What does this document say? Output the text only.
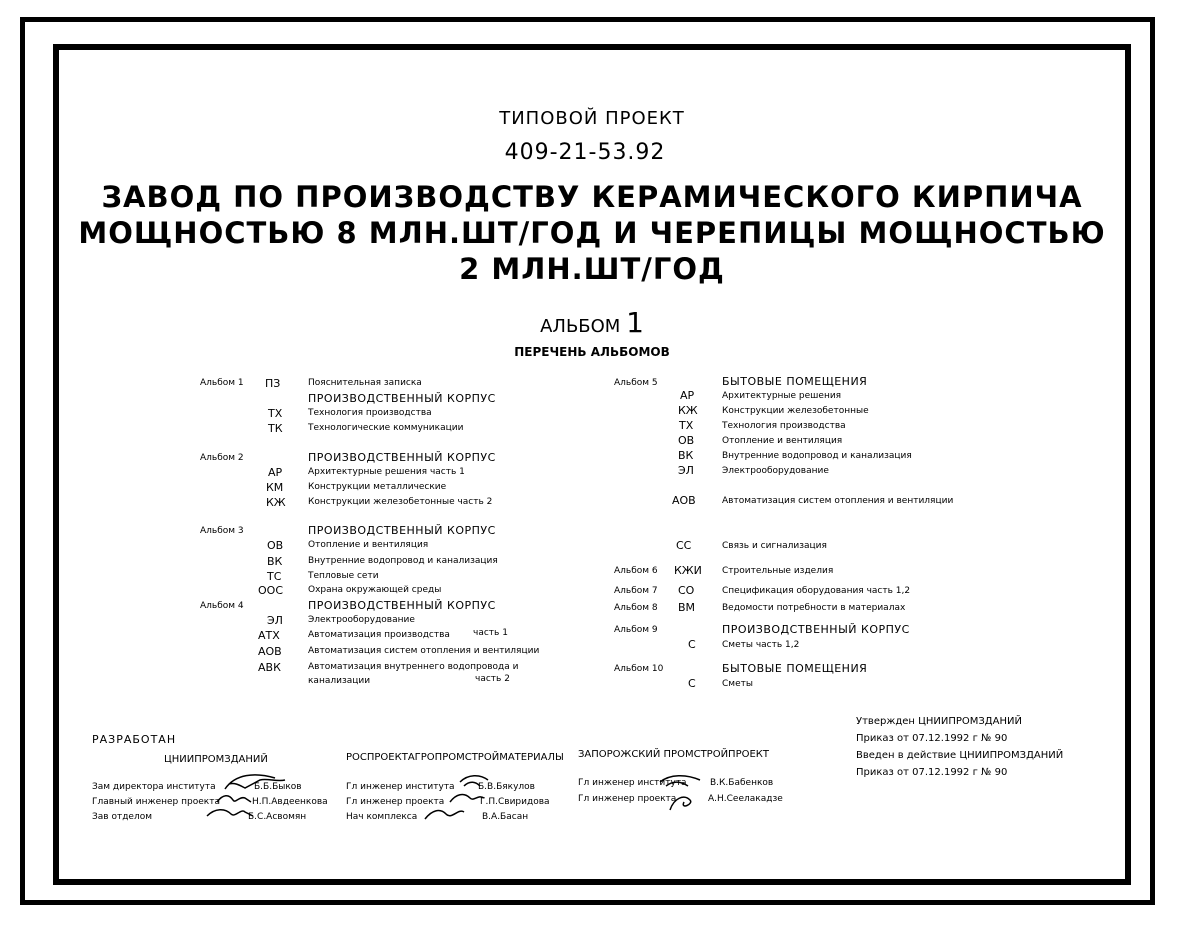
ТИПОВОЙ ПРОЕКТ
409-21-53.92
ЗАВОД ПО ПРОИЗВОДСТВУ КЕРАМИЧЕСКОГО КИРПИЧА
МОЩНОСТЬЮ 8 МЛН.ШТ/ГОД И ЧЕРЕПИЦЫ МОЩНОСТЬЮ
2 МЛН.ШТ/ГОД
АЛЬБОМ 1
ПЕРЕЧЕНЬ АЛЬБОМОВ
Альбом 1 ПЗ	Пояснительная записка
ПРОИЗВОДСТВЕННЫЙ КОРПУС
ТХ	Технология производства
ТК	Технологические коммуникации
Альбом 2	ПРОИЗВОДСТВЕННЫЙ КОРПУС
АР	Архитектурные решения часть 1
КМ	Конструкции металлические
КЖ Конструкции железобетонные часть 2
Альбом 3	ПРОИЗВОДСТВЕННЫЙ КОРПУС
ОВ	Отопление и вентиляция
ВК	Внутренние водопровод и канализация
ТС	Тепловые сети
ООС	Охрана окружающей среды
Альбом 4	ПРОИЗВОДСТВЕННЫЙ КОРПУС
ЭЛ	Электрооборудование
АТХ	Автоматизация производства	часть 1
АОВ	Автоматизация систем отопления и вентиляции
АВК	Автоматизация внутреннего водопровода и
канализации	часть 2
Альбом 5	БЫТОВЫЕ ПОМЕЩЕНИЯ
АР	Архитектурные решения
КЖ	Конструкции железобетонные
ТХ	Технология производства
ОВ	Отопление и вентиляция
ВК	Внутренние водопровод и канализация
ЭЛ	Электрооборудование
АОВ	Автоматизация систем отопления и вентиляции
СС	Связь и сигнализация
Альбом 6 КЖИ Строительные изделия
Альбом 7 СО	Спецификация оборудования часть 1,2
Альбом 8 ВМ	Ведомости потребности в материалах
Альбом 9	ПРОИЗВОДСТВЕННЫЙ КОРПУС
С	Сметы часть 1,2
Альбом 10	БЫТОВЫЕ ПОМЕЩЕНИЯ
С	Сметы
РАЗРАБОТАН
ЦНИИПРОМЗДАНИЙ
Зам директора института	Б.Б.Быков
Главный инженер проекта	Н.П.Авдеенкова
Зав отделом	Б.С.Асвомян
РОСПРОЕКТАГРОПРОМСТРОЙМАТЕРИАЛЫ
Гл инженер института	Б.В.Бякулов
Гл инженер проекта	Г.П.Свиридова
Нач комплекса	В.А.Басан
ЗАПОРОЖСКИЙ ПРОМСТРОЙПРОЕКТ
Гл инженер института	В.К.Бабенков
Гл инженер проекта	А.Н.Сеелакадзе
Утвержден ЦНИИПРОМЗДАНИЙ
Приказ от 07.12.1992 г № 90
Введен в действие ЦНИИПРОМЗДАНИЙ
Приказ от 07.12.1992 г № 90
